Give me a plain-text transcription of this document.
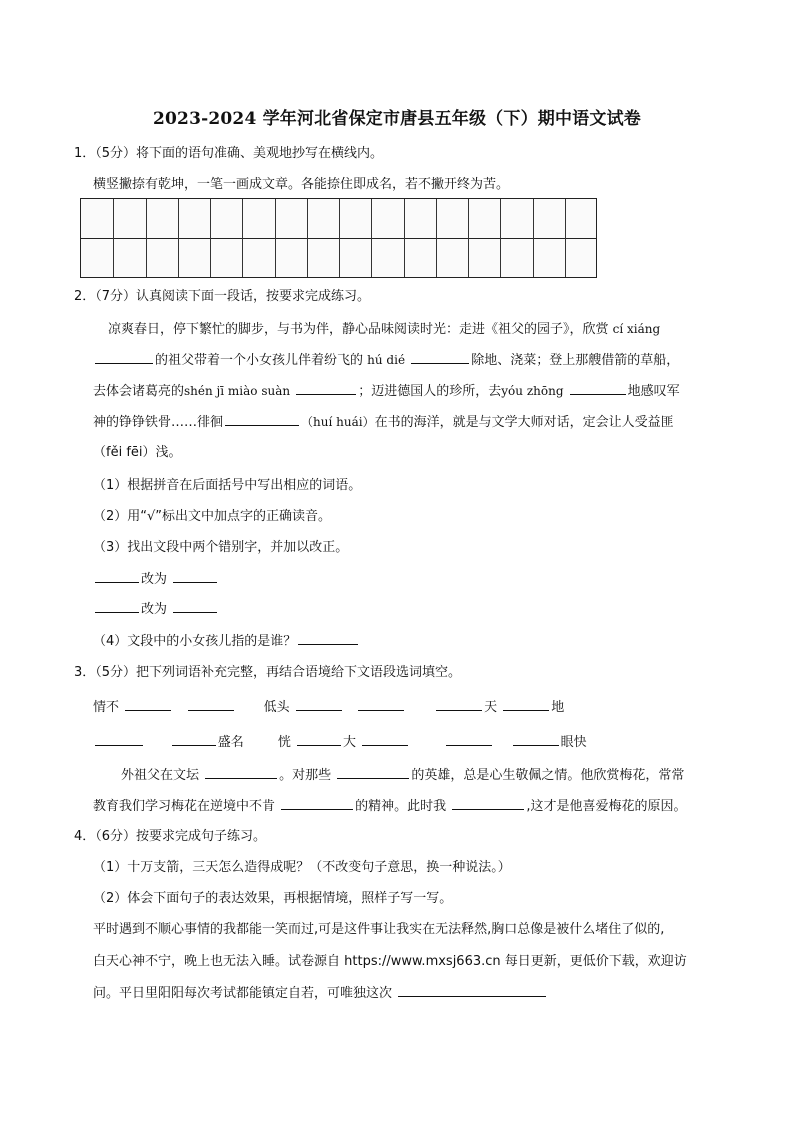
2023-2024 学年河北省保定市唐县五年级（下）期中语文试卷
1．（5分）将下面的语句准确、美观地抄写在横线内。
横竖撇捺有乾坤，一笔一画成文章。各能捺住即成名，若不撇开终为苦。
2．（7分）认真阅读下面一段话，按要求完成练习。
凉爽春日，停下繁忙的脚步，与书为伴，静心品味阅读时光：走进《祖父的园子》，欣赏 cí xiáng
的祖父带着一个小女孩儿伴着纷飞的 hú dié	除地、浇菜；登上那艘借箭的草船，
去体会诸葛亮的shén jī miào suàn	；迈进德国人的珍所，去yóu zhōng	地感叹军
神的铮铮铁骨……徘徊	（huí huái）在书的海洋，就是与文学大师对话，定会让人受益匪
（fěi fēi）浅。
（1）根据拼音在后面括号中写出相应的词语。
（2）用“√”标出文中加点字的正确读音。
（3）找出文段中两个错别字，并加以改正。
改为
改为
（4）文段中的小女孩儿指的是谁？
3．（5分）把下列词语补充完整，再结合语境给下文语段选词填空。
情不	低头	天	地
盛名	恍	大	眼快
外祖父在文坛	。对那些	的英雄，总是心生敬佩之情。他欣赏梅花，常常
教育我们学习梅花在逆境中不肯	的精神。此时我	,这才是他喜爱梅花的原因。
4．（6分）按要求完成句子练习。
（1）十万支箭，三天怎么造得成呢？（不改变句子意思，换一种说法。）
（2）体会下面句子的表达效果，再根据情境，照样子写一写。
平时遇到不顺心事情的我都能一笑而过,可是这件事让我实在无法释然,胸口总像是被什么堵住了似的,
白天心神不宁，晚上也无法入睡。试卷源自 https://www.mxsj663.cn 每日更新，更低价下载，欢迎访
问。平日里阳阳每次考试都能镇定自若，可唯独这次
